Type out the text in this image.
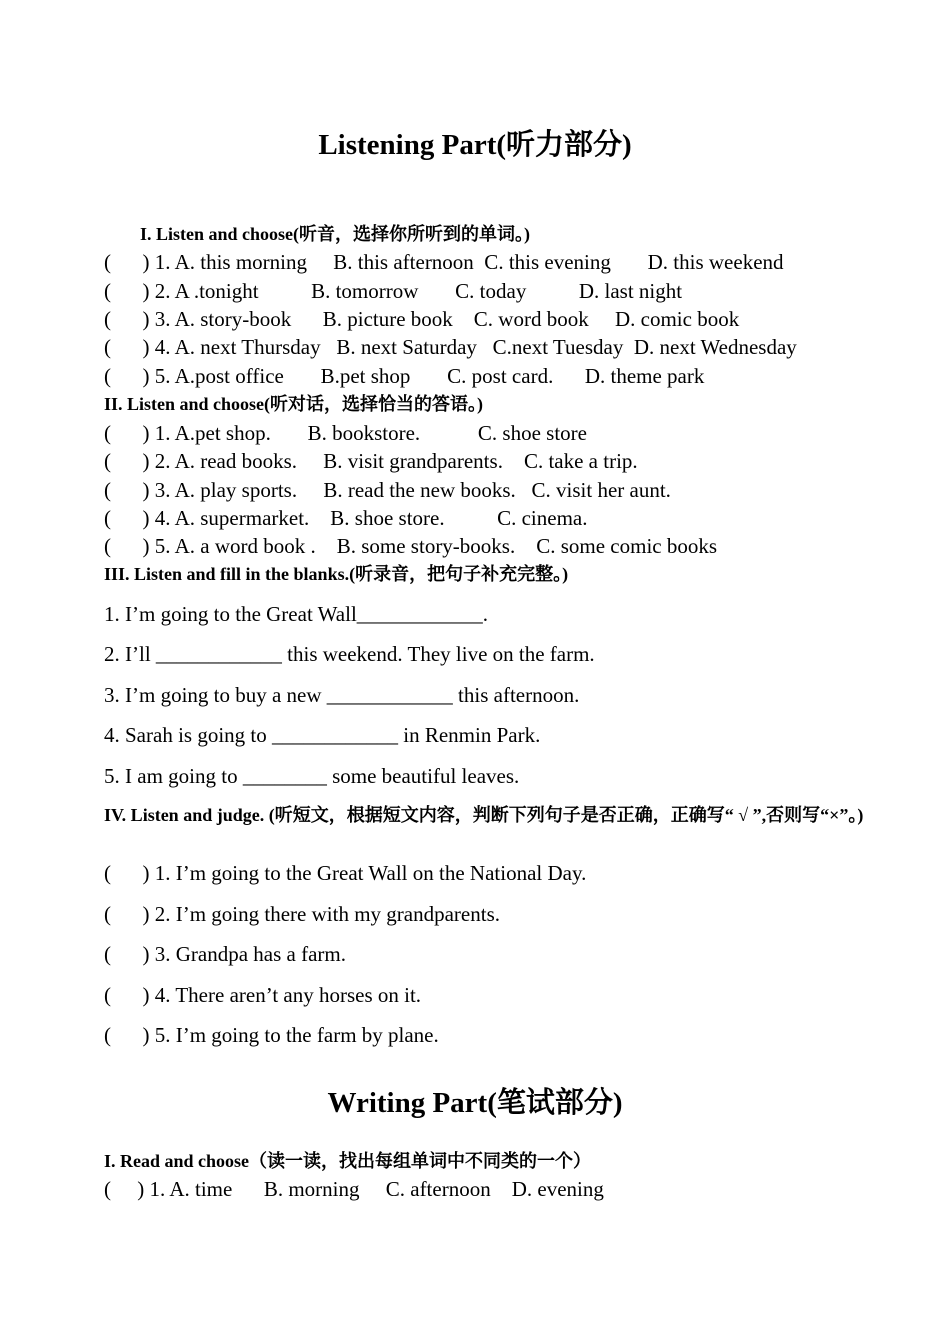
Listening Part(听力部分)
I. Listen and choose(听音，选择你所听到的单词。)
(      ) 1. A. this morning     B. this afternoon  C. this evening       D. this weekend
(      ) 2. A .tonight          B. tomorrow       C. today          D. last night
(      ) 3. A. story-book      B. picture book    C. word book     D. comic book
(      ) 4. A. next Thursday   B. next Saturday   C.next Tuesday  D. next Wednesday
(      ) 5. A.post office       B.pet shop       C. post card.      D. theme park
II. Listen and choose(听对话，选择恰当的答语。)
(      ) 1. A.pet shop.       B. bookstore.           C. shoe store
(      ) 2. A. read books.     B. visit grandparents.    C. take a trip.
(      ) 3. A. play sports.     B. read the new books.   C. visit her aunt.
(      ) 4. A. supermarket.    B. shoe store.          C. cinema.
(      ) 5. A. a word book .    B. some story-books.    C. some comic books
III. Listen and fill in the blanks.(听录音，把句子补充完整。)
1. I’m going to the Great Wall____________.
2. I’ll ____________ this weekend. They live on the farm.
3. I’m going to buy a new ____________ this afternoon.
4. Sarah is going to ____________ in Renmin Park.
5. I am going to ________ some beautiful leaves.
IV. Listen and judge. (听短文，根据短文内容，判断下列句子是否正确，正确写“ √ ”,否则写“×”。)
(      ) 1. I’m going to the Great Wall on the National Day.
(      ) 2. I’m going there with my grandparents.
(      ) 3. Grandpa has a farm.
(      ) 4. There aren’t any horses on it.
(      ) 5. I’m going to the farm by plane.
Writing Part(笔试部分)
I. Read and choose（读一读，找出每组单词中不同类的一个）
(     ) 1. A. time      B. morning     C. afternoon    D. evening
